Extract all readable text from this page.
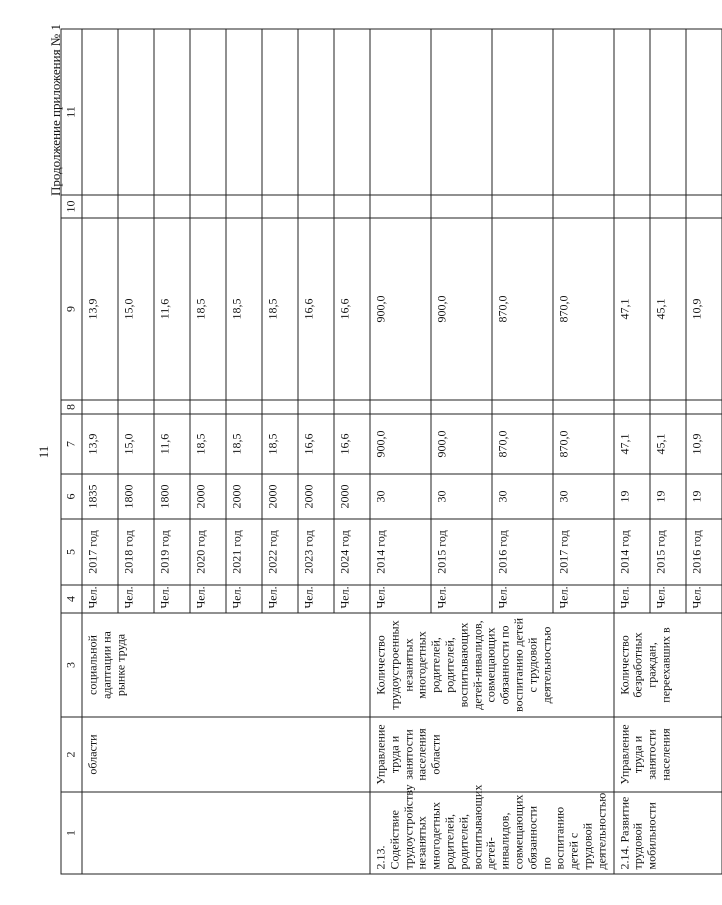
11
Продолжение приложения № 1
1	2	3	4	5	6	7	8	9	10	11
	области	социальной адаптации на рынке труда	Чел.	2017 год	1835	13,9		13,9		
			Чел.	2018 год	1800	15,0		15,0		
			Чел.	2019 год	1800	11,6		11,6		
			Чел.	2020 год	2000	18,5		18,5		
			Чел.	2021 год	2000	18,5		18,5		
			Чел.	2022 год	2000	18,5		18,5		
			Чел.	2023 год	2000	16,6		16,6		
			Чел.	2024 год	2000	16,6		16,6		
2.13. Содействие трудоустройству незанятых многодетных родителей, родителей, воспитывающих детей-инвалидов, совмещающих обязанности по воспитанию детей с трудовой деятельностью	Управление труда и занятости населения области	Количество трудоустроенных незанятых многодетных родителей, родителей, воспитывающих детей-инвалидов, совмещающих обязанности по воспитанию детей с трудовой деятельностью	Чел.	2014 год	30	900,0		900,0		
			Чел.	2015 год	30	900,0		900,0		
			Чел.	2016 год	30	870,0		870,0		
			Чел.	2017 год	30	870,0		870,0		
2.14. Развитие трудовой мобильности	Управление труда и занятости населения	Количество безработных граждан, переехавших в	Чел.	2014 год	19	47,1		47,1		
			Чел.	2015 год	19	45,1		45,1		
			Чел.	2016 год	19	10,9		10,9		
